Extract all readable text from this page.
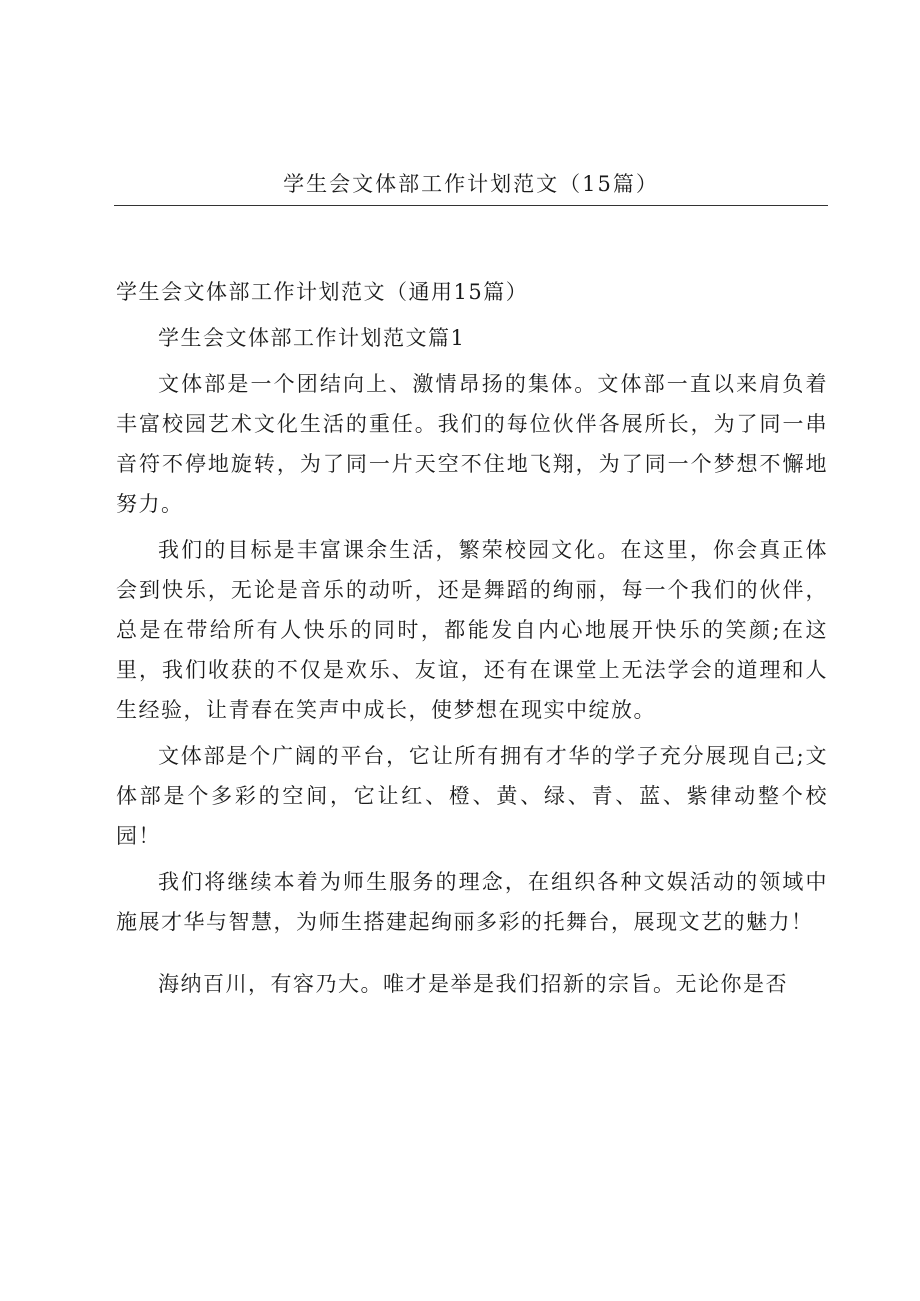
学生会文体部工作计划范文（15篇）

学生会文体部工作计划范文（通用15篇）

学生会文体部工作计划范文篇1

文体部是一个团结向上、激情昂扬的集体。文体部一直以来肩负着丰富校园艺术文化生活的重任。我们的每位伙伴各展所长，为了同一串音符不停地旋转，为了同一片天空不住地飞翔，为了同一个梦想不懈地努力。

我们的目标是丰富课余生活，繁荣校园文化。在这里，你会真正体会到快乐，无论是音乐的动听，还是舞蹈的绚丽，每一个我们的伙伴，总是在带给所有人快乐的同时，都能发自内心地展开快乐的笑颜;在这里，我们收获的不仅是欢乐、友谊，还有在课堂上无法学会的道理和人生经验，让青春在笑声中成长，使梦想在现实中绽放。

文体部是个广阔的平台，它让所有拥有才华的学子充分展现自己;文体部是个多彩的空间，它让红、橙、黄、绿、青、蓝、紫律动整个校园！

我们将继续本着为师生服务的理念，在组织各种文娱活动的领域中施展才华与智慧，为师生搭建起绚丽多彩的托舞台，展现文艺的魅力！

海纳百川，有容乃大。唯才是举是我们招新的宗旨。无论你是否
